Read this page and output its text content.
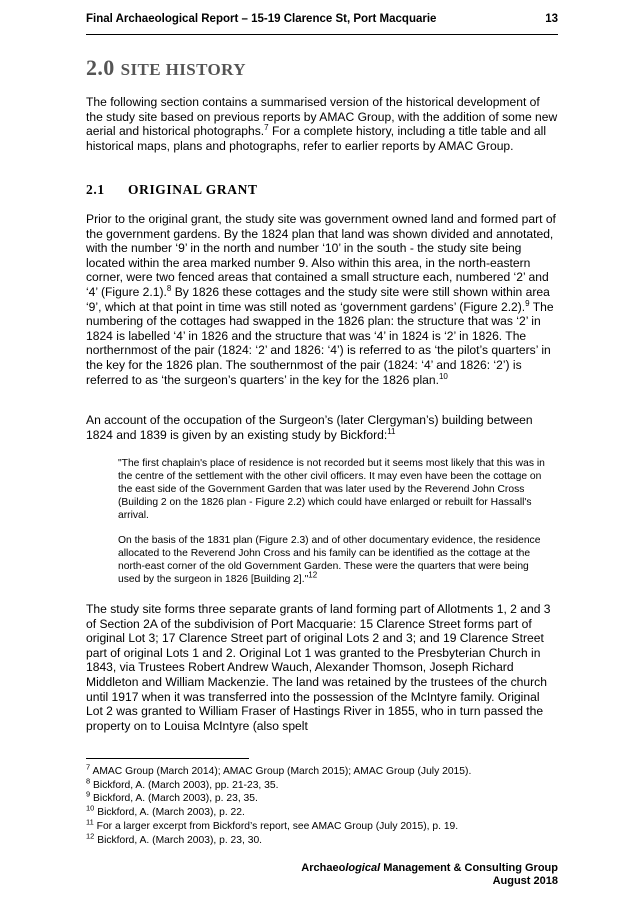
Final Archaeological Report – 15-19 Clarence St, Port Macquarie	13
2.0 SITE HISTORY
The following section contains a summarised version of the historical development of the study site based on previous reports by AMAC Group, with the addition of some new aerial and historical photographs.$^7$ For a complete history, including a title table and all historical maps, plans and photographs, refer to earlier reports by AMAC Group.
2.1 ORIGINAL GRANT
Prior to the original grant, the study site was government owned land and formed part of the government gardens. By the 1824 plan that land was shown divided and annotated, with the number ‘9’ in the north and number ‘10’ in the south - the study site being located within the area marked number 9. Also within this area, in the north-eastern corner, were two fenced areas that contained a small structure each, numbered ‘2’ and ‘4’ (Figure 2.1).$^8$ By 1826 these cottages and the study site were still shown within area ‘9’, which at that point in time was still noted as ‘government gardens’ (Figure 2.2).$^9$ The numbering of the cottages had swapped in the 1826 plan: the structure that was ‘2’ in 1824 is labelled ‘4’ in 1826 and the structure that was ‘4’ in 1824 is ‘2’ in 1826. The northernmost of the pair (1824: ‘2’ and 1826: ‘4’) is referred to as ‘the pilot’s quarters’ in the key for the 1826 plan. The southernmost of the pair (1824: ‘4’ and 1826: ‘2’) is referred to as ‘the surgeon’s quarters’ in the key for the 1826 plan.$^{10}$
An account of the occupation of the Surgeon’s (later Clergyman’s) building between 1824 and 1839 is given by an existing study by Bickford:$^{11}$
"The first chaplain's place of residence is not recorded but it seems most likely that this was in the centre of the settlement with the other civil officers. It may even have been the cottage on the east side of the Government Garden that was later used by the Reverend John Cross (Building 2 on the 1826 plan - Figure 2.2) which could have enlarged or rebuilt for Hassall's arrival.
On the basis of the 1831 plan (Figure 2.3) and of other documentary evidence, the residence allocated to the Reverend John Cross and his family can be identified as the cottage at the north-east corner of the old Government Garden. These were the quarters that were being used by the surgeon in 1826 [Building 2]."$^{12}$
The study site forms three separate grants of land forming part of Allotments 1, 2 and 3 of Section 2A of the subdivision of Port Macquarie: 15 Clarence Street forms part of original Lot 3; 17 Clarence Street part of original Lots 2 and 3; and 19 Clarence Street part of original Lots 1 and 2. Original Lot 1 was granted to the Presbyterian Church in 1843, via Trustees Robert Andrew Wauch, Alexander Thomson, Joseph Richard Middleton and William Mackenzie. The land was retained by the trustees of the church until 1917 when it was transferred into the possession of the McIntyre family. Original Lot 2 was granted to William Fraser of Hastings River in 1855, who in turn passed the property on to Louisa McIntyre (also spelt
$^7$ AMAC Group (March 2014); AMAC Group (March 2015); AMAC Group (July 2015).
$^8$ Bickford, A. (March 2003), pp. 21-23, 35.
$^9$ Bickford, A. (March 2003), p. 23, 35.
$^{10}$ Bickford, A. (March 2003), p. 22.
$^{11}$ For a larger excerpt from Bickford’s report, see AMAC Group (July 2015), p. 19.
$^{12}$ Bickford, A. (March 2003), p. 23, 30.
Archaeological Management & Consulting Group
August 2018
